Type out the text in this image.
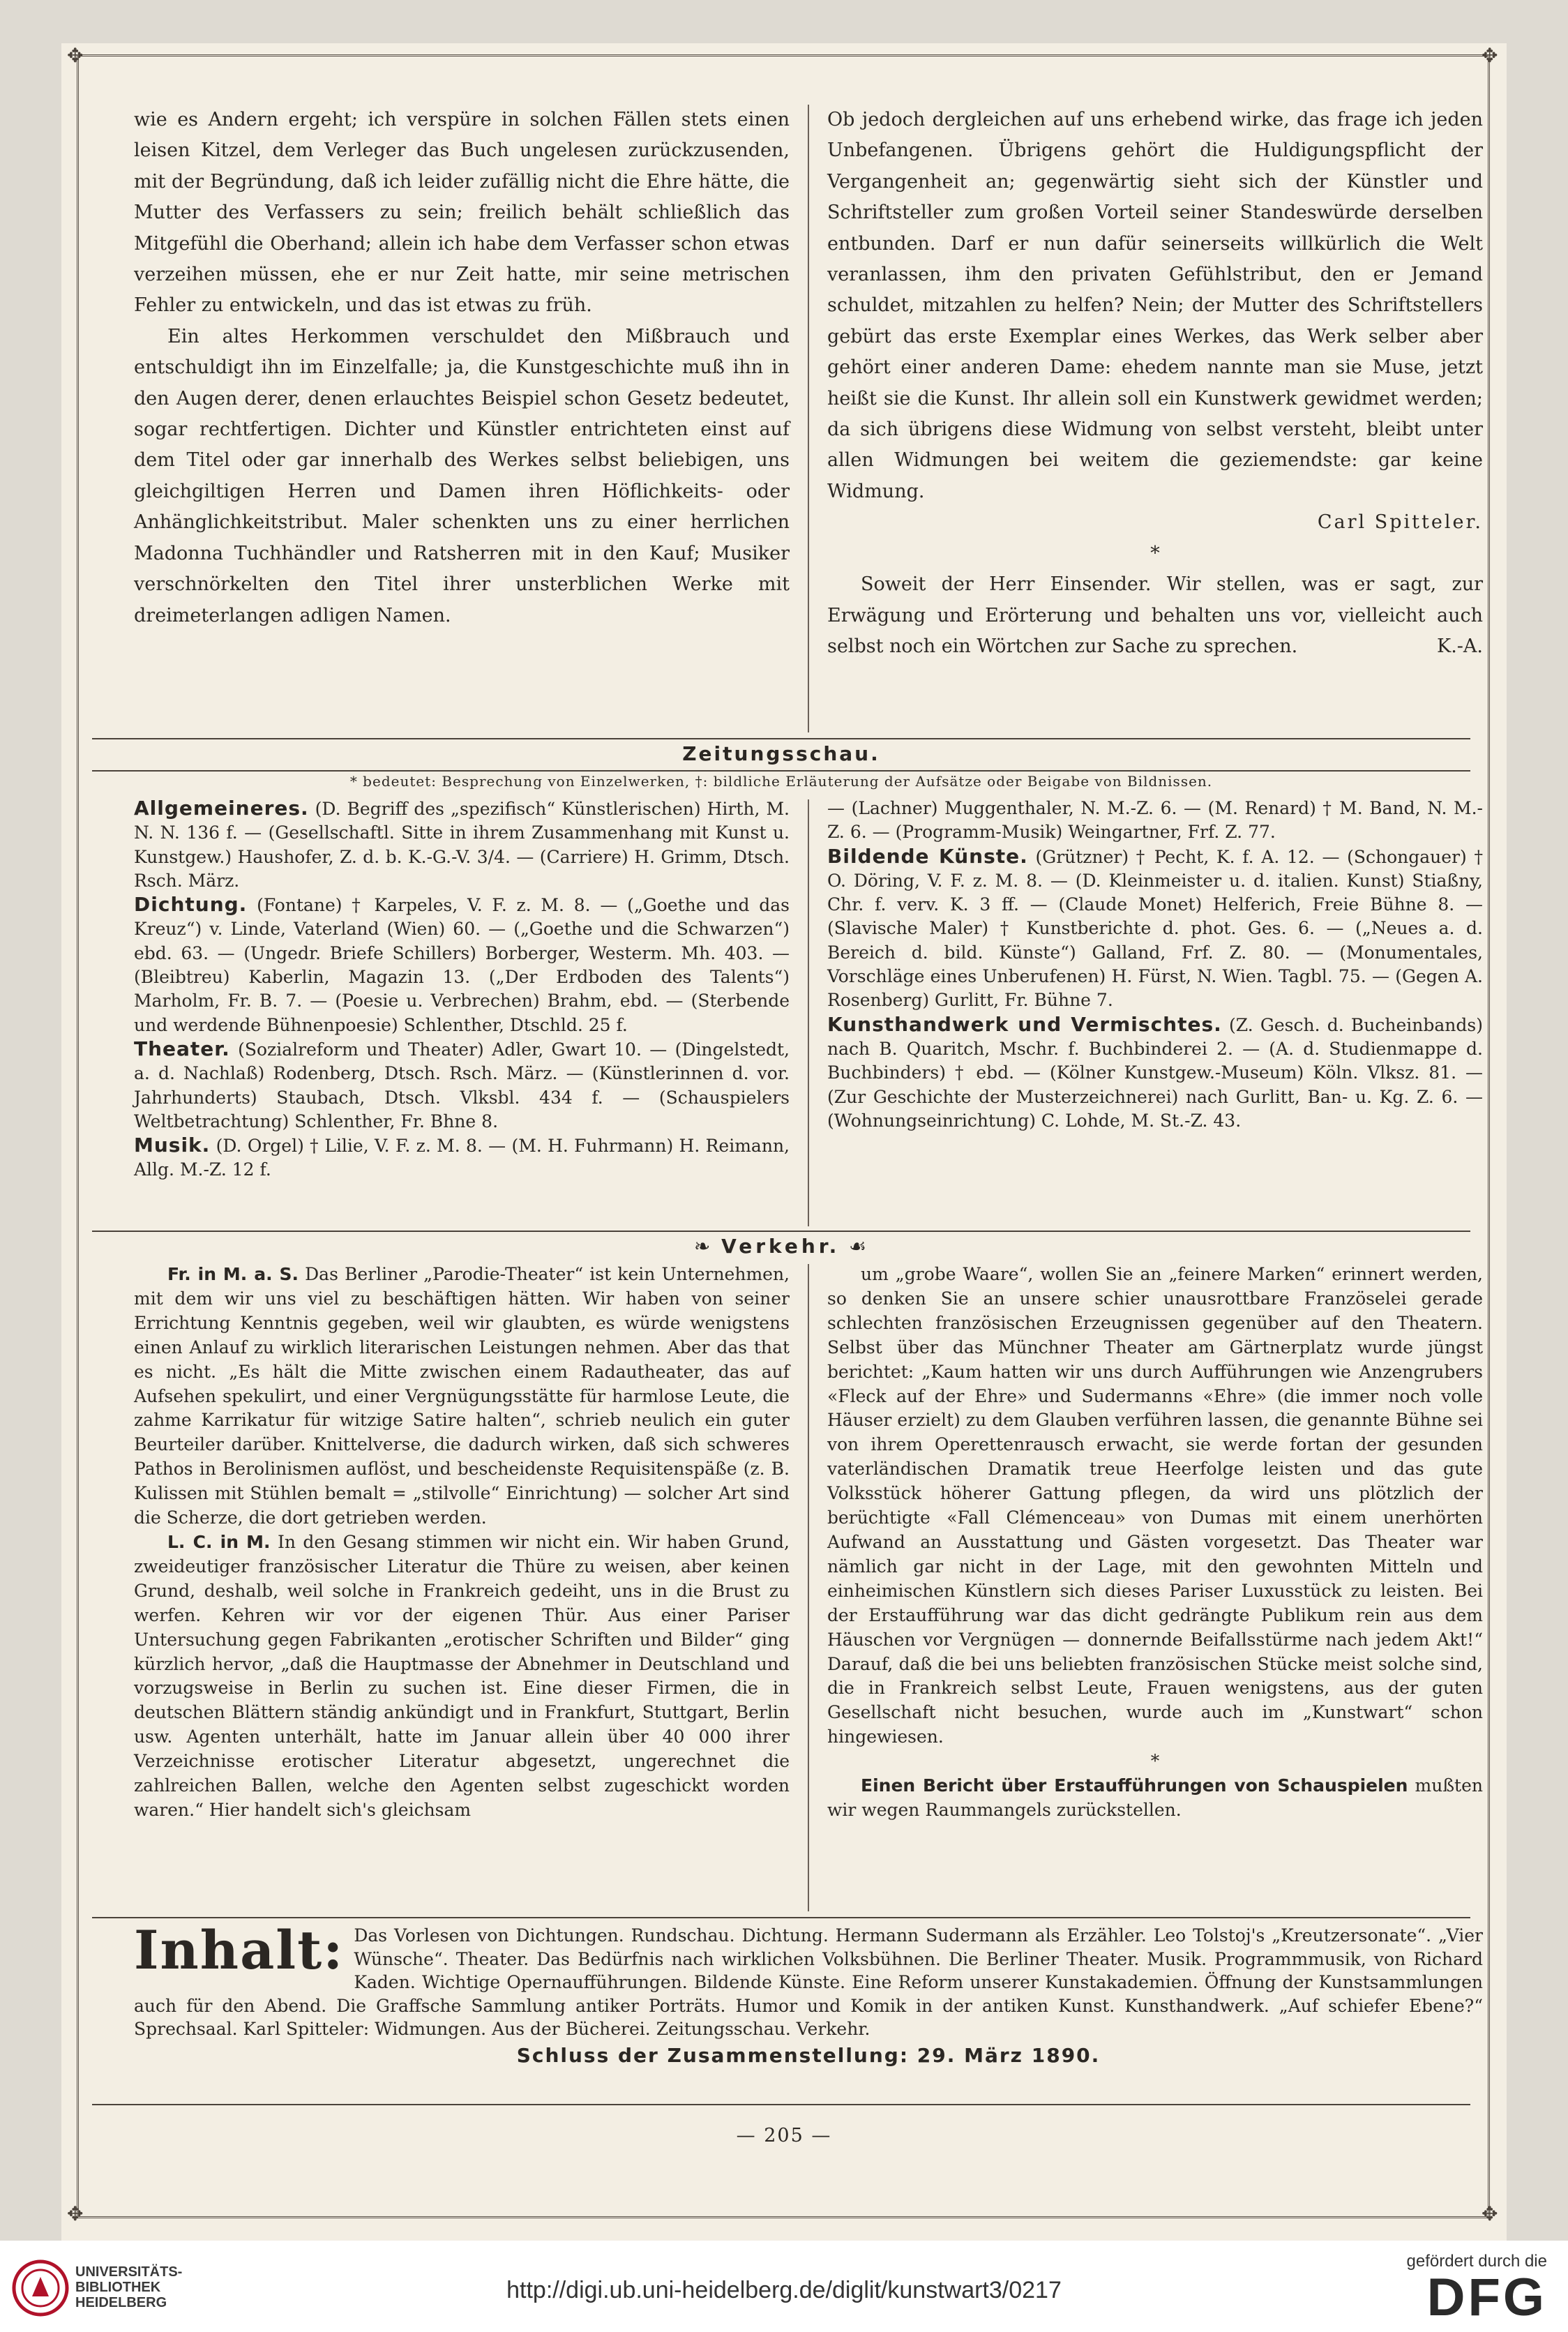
✥	✥
✥	✥

wie es Andern ergeht; ich verspüre in solchen Fällen stets einen leisen Kitzel, dem Verleger das Buch ungelesen zurückzusenden, mit der Begründung, daß ich leider zufällig nicht die Ehre hätte, die Mutter des Verfassers zu sein; freilich behält schließlich das Mitgefühl die Oberhand; allein ich habe dem Verfasser schon etwas verzeihen müssen, ehe er nur Zeit hatte, mir seine metrischen Fehler zu entwickeln, und das ist etwas zu früh.

Ein altes Herkommen verschuldet den Mißbrauch und entschuldigt ihn im Einzelfalle; ja, die Kunstgeschichte muß ihn in den Augen derer, denen erlauchtes Beispiel schon Gesetz bedeutet, sogar rechtfertigen. Dichter und Künstler entrichteten einst auf dem Titel oder gar innerhalb des Werkes selbst beliebigen, uns gleichgiltigen Herren und Damen ihren Höflichkeits- oder Anhänglichkeitstribut. Maler schenkten uns zu einer herrlichen Madonna Tuchhändler und Ratsherren mit in den Kauf; Musiker verschnörkelten den Titel ihrer unsterblichen Werke mit dreimeterlangen adligen Namen.

Ob jedoch dergleichen auf uns erhebend wirke, das frage ich jeden Unbefangenen. Übrigens gehört die Huldigungspflicht der Vergangenheit an; gegenwärtig sieht sich der Künstler und Schriftsteller zum großen Vorteil seiner Standeswürde derselben entbunden. Darf er nun dafür seinerseits willkürlich die Welt veranlassen, ihm den privaten Gefühlstribut, den er Jemand schuldet, mitzahlen zu helfen? Nein; der Mutter des Schriftstellers gebürt das erste Exemplar eines Werkes, das Werk selber aber gehört einer anderen Dame: ehedem nannte man sie Muse, jetzt heißt sie die Kunst. Ihr allein soll ein Kunstwerk gewidmet werden; da sich übrigens diese Widmung von selbst versteht, bleibt unter allen Widmungen bei weitem die geziemendste: gar keine Widmung.

Carl Spitteler.

*

Soweit der Herr Einsender. Wir stellen, was er sagt, zur Erwägung und Erörterung und behalten uns vor, vielleicht auch selbst noch ein Wörtchen zur Sache zu sprechen.	K.-A.

Zeitungsschau.
* bedeutet: Besprechung von Einzelwerken, †: bildliche Erläuterung der Aufsätze oder Beigabe von Bildnissen.

Allgemeineres. (D. Begriff des „spezifisch“ Künstlerischen) Hirth, M. N. N. 136 f. — (Gesellschaftl. Sitte in ihrem Zusammenhang mit Kunst u. Kunstgew.) Haushofer, Z. d. b. K.-G.-V. 3/4. — (Carriere) H. Grimm, Dtsch. Rsch. März.

Dichtung. (Fontane) † Karpeles, V. F. z. M. 8. — („Goethe und das Kreuz“) v. Linde, Vaterland (Wien) 60. — („Goethe und die Schwarzen“) ebd. 63. — (Ungedr. Briefe Schillers) Borberger, Westerm. Mh. 403. — (Bleibtreu) Kaberlin, Magazin 13. („Der Erdboden des Talents“) Marholm, Fr. B. 7. — (Poesie u. Verbrechen) Brahm, ebd. — (Sterbende und werdende Bühnenpoesie) Schlenther, Dtschld. 25 f.

Theater. (Sozialreform und Theater) Adler, Gwart 10. — (Dingelstedt, a. d. Nachlaß) Rodenberg, Dtsch. Rsch. März. — (Künstlerinnen d. vor. Jahrhunderts) Staubach, Dtsch. Vlksbl. 434 f. — (Schauspielers Weltbetrachtung) Schlenther, Fr. Bhne 8.

Musik. (D. Orgel) † Lilie, V. F. z. M. 8. — (M. H. Fuhrmann) H. Reimann, Allg. M.-Z. 12 f.

— (Lachner) Muggenthaler, N. M.-Z. 6. — (M. Renard) † M. Band, N. M.-Z. 6. — (Programm-Musik) Weingartner, Frf. Z. 77.

Bildende Künste. (Grützner) † Pecht, K. f. A. 12. — (Schongauer) † O. Döring, V. F. z. M. 8. — (D. Kleinmeister u. d. italien. Kunst) Stiaßny, Chr. f. verv. K. 3 ff. — (Claude Monet) Helferich, Freie Bühne 8. — (Slavische Maler) † Kunstberichte d. phot. Ges. 6. — („Neues a. d. Bereich d. bild. Künste“) Galland, Frf. Z. 80. — (Monumentales, Vorschläge eines Unberufenen) H. Fürst, N. Wien. Tagbl. 75. — (Gegen A. Rosenberg) Gurlitt, Fr. Bühne 7.

Kunsthandwerk und Vermischtes. (Z. Gesch. d. Bucheinbands) nach B. Quaritch, Mschr. f. Buchbinderei 2. — (A. d. Studienmappe d. Buchbinders) † ebd. — (Kölner Kunstgew.-Museum) Köln. Vlksz. 81. — (Zur Geschichte der Musterzeichnerei) nach Gurlitt, Ban- u. Kg. Z. 6. — (Wohnungseinrichtung) C. Lohde, M. St.-Z. 43.

❧ Verkehr. ☙

Fr. in M. a. S. Das Berliner „Parodie-Theater“ ist kein Unternehmen, mit dem wir uns viel zu beschäftigen hätten. Wir haben von seiner Errichtung Kenntnis gegeben, weil wir glaubten, es würde wenigstens einen Anlauf zu wirklich literarischen Leistungen nehmen. Aber das that es nicht. „Es hält die Mitte zwischen einem Radautheater, das auf Aufsehen spekulirt, und einer Vergnügungsstätte für harmlose Leute, die zahme Karrikatur für witzige Satire halten“, schrieb neulich ein guter Beurteiler darüber. Knittelverse, die dadurch wirken, daß sich schweres Pathos in Berolinismen auflöst, und bescheidenste Requisitenspäße (z. B. Kulissen mit Stühlen bemalt = „stilvolle“ Einrichtung) — solcher Art sind die Scherze, die dort getrieben werden.

L. C. in M. In den Gesang stimmen wir nicht ein. Wir haben Grund, zweideutiger französischer Literatur die Thüre zu weisen, aber keinen Grund, deshalb, weil solche in Frankreich gedeiht, uns in die Brust zu werfen. Kehren wir vor der eigenen Thür. Aus einer Pariser Untersuchung gegen Fabrikanten „erotischer Schriften und Bilder“ ging kürzlich hervor, „daß die Hauptmasse der Abnehmer in Deutschland und vorzugsweise in Berlin zu suchen ist. Eine dieser Firmen, die in deutschen Blättern ständig ankündigt und in Frankfurt, Stuttgart, Berlin usw. Agenten unterhält, hatte im Januar allein über 40 000 ihrer Verzeichnisse erotischer Literatur abgesetzt, ungerechnet die zahlreichen Ballen, welche den Agenten selbst zugeschickt worden waren.“ Hier handelt sich's gleichsam

um „grobe Waare“, wollen Sie an „feinere Marken“ erinnert werden, so denken Sie an unsere schier unausrottbare Französelei gerade schlechten französischen Erzeugnissen gegenüber auf den Theatern. Selbst über das Münchner Theater am Gärtnerplatz wurde jüngst berichtet: „Kaum hatten wir uns durch Aufführungen wie Anzengrubers «Fleck auf der Ehre» und Sudermanns «Ehre» (die immer noch volle Häuser erzielt) zu dem Glauben verführen lassen, die genannte Bühne sei von ihrem Operettenrausch erwacht, sie werde fortan der gesunden vaterländischen Dramatik treue Heerfolge leisten und das gute Volksstück höherer Gattung pflegen, da wird uns plötzlich der berüchtigte «Fall Clémenceau» von Dumas mit einem unerhörten Aufwand an Ausstattung und Gästen vorgesetzt. Das Theater war nämlich gar nicht in der Lage, mit den gewohnten Mitteln und einheimischen Künstlern sich dieses Pariser Luxusstück zu leisten. Bei der Erstaufführung war das dicht gedrängte Publikum rein aus dem Häuschen vor Vergnügen — donnernde Beifallsstürme nach jedem Akt!“ Darauf, daß die bei uns beliebten französischen Stücke meist solche sind, die in Frankreich selbst Leute, Frauen wenigstens, aus der guten Gesellschaft nicht besuchen, wurde auch im „Kunstwart“ schon hingewiesen.

*

Einen Bericht über Erstaufführungen von Schauspielen mußten wir wegen Raummangels zurückstellen.

Inhalt: Das Vorlesen von Dichtungen. Rundschau. Dichtung. Hermann Sudermann als Erzähler. Leo Tolstoj's „Kreutzersonate“. „Vier Wünsche“. Theater. Das Bedürfnis nach wirklichen Volksbühnen. Die Berliner Theater. Musik. Programmmusik, von Richard Kaden. Wichtige Opernaufführungen. Bildende Künste. Eine Reform unserer Kunstakademien. Öffnung der Kunstsammlungen auch für den Abend. Die Graffsche Sammlung antiker Porträts. Humor und Komik in der antiken Kunst. Kunsthandwerk. „Auf schiefer Ebene?“ Sprechsaal. Karl Spitteler: Widmungen. Aus der Bücherei. Zeitungsschau. Verkehr.
Schluss der Zusammenstellung: 29. März 1890.
— 205 —
UNIVERSITÄTS-
BIBLIOTHEK
HEIDELBERG	http://digi.ub.uni-heidelberg.de/diglit/kunstwart3/0217
gefördert durch die
DFG
